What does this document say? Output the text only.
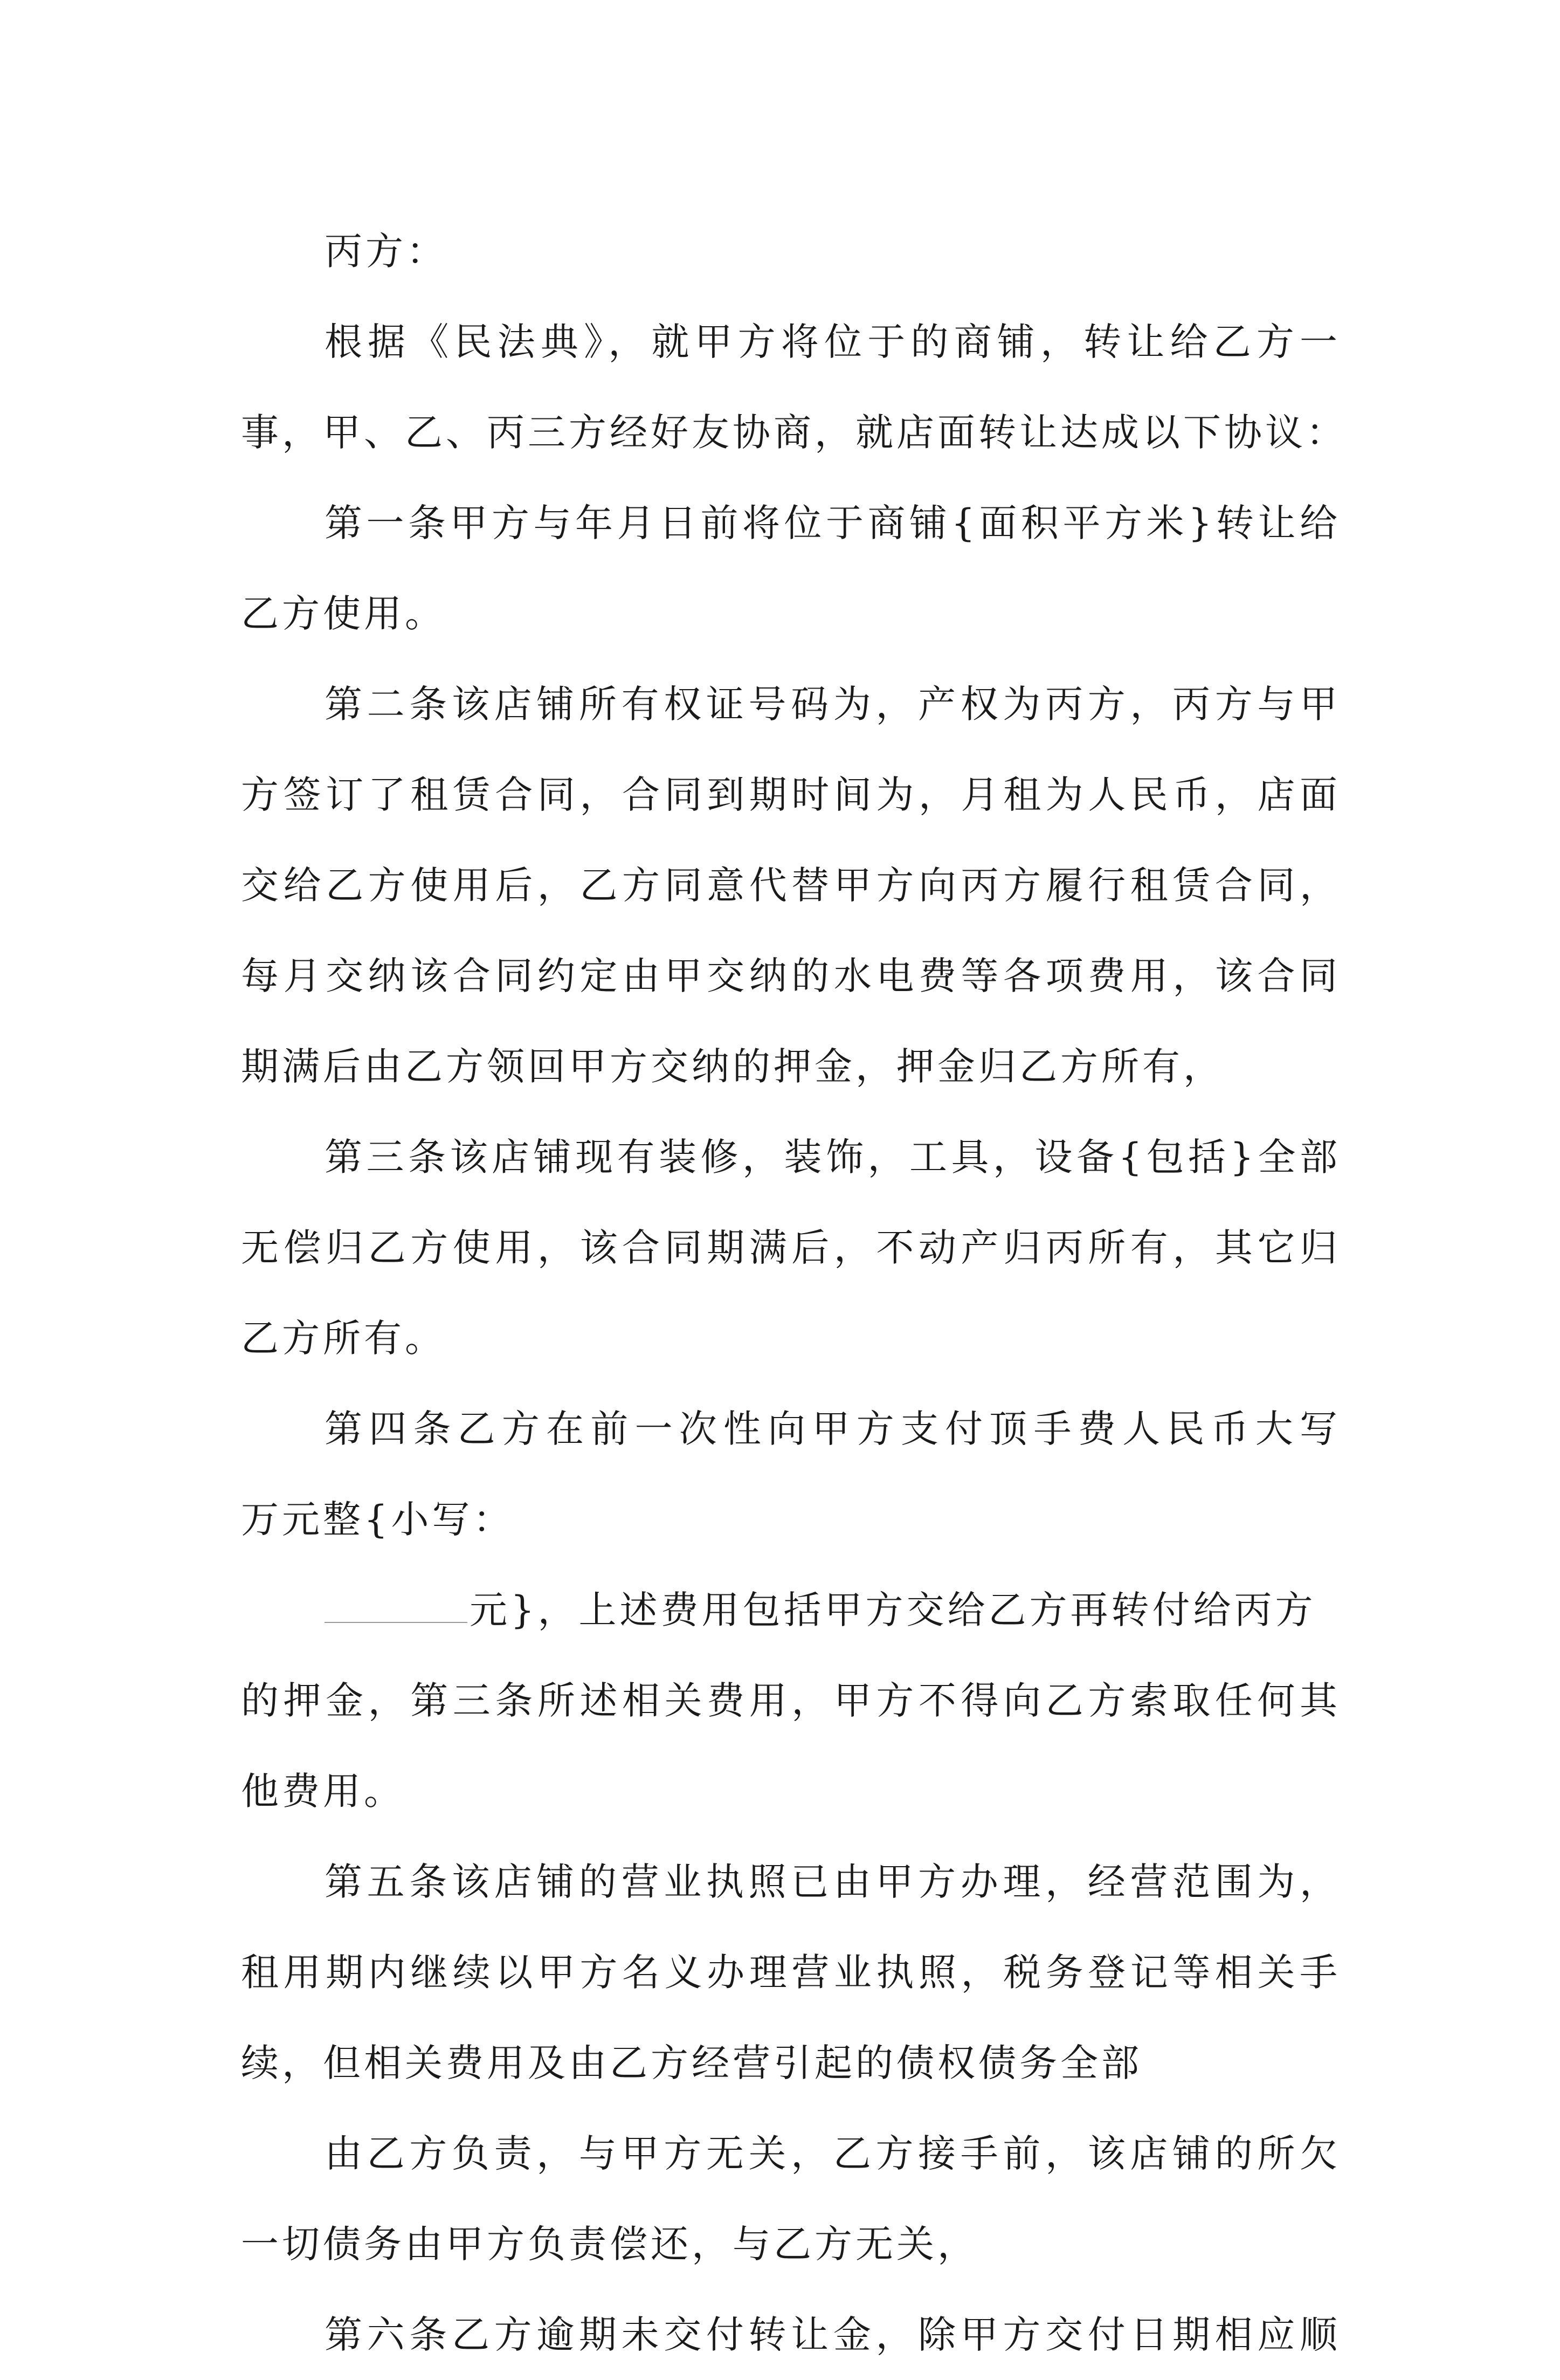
丙方：
根据《民法典》，就甲方将位于的商铺，转让给乙方一
事，甲、乙、丙三方经好友协商，就店面转让达成以下协议：
第一条甲方与年月日前将位于商铺{面积平方米}转让给
乙方使用。
第二条该店铺所有权证号码为，产权为丙方，丙方与甲
方签订了租赁合同，合同到期时间为，月租为人民币，店面
交给乙方使用后，乙方同意代替甲方向丙方履行租赁合同，
每月交纳该合同约定由甲交纳的水电费等各项费用，该合同
期满后由乙方领回甲方交纳的押金，押金归乙方所有，
第三条该店铺现有装修，装饰，工具，设备{包括}全部
无偿归乙方使用，该合同期满后，不动产归丙所有，其它归
乙方所有。
第四条乙方在前一次性向甲方支付顶手费人民币大写
万元整{小写：
元}，上述费用包括甲方交给乙方再转付给丙方
的押金，第三条所述相关费用，甲方不得向乙方索取任何其
他费用。
第五条该店铺的营业执照已由甲方办理，经营范围为，
租用期内继续以甲方名义办理营业执照，税务登记等相关手
续，但相关费用及由乙方经营引起的债权债务全部
由乙方负责，与甲方无关，乙方接手前，该店铺的所欠
一切债务由甲方负责偿还，与乙方无关，
第六条乙方逾期未交付转让金，除甲方交付日期相应顺
